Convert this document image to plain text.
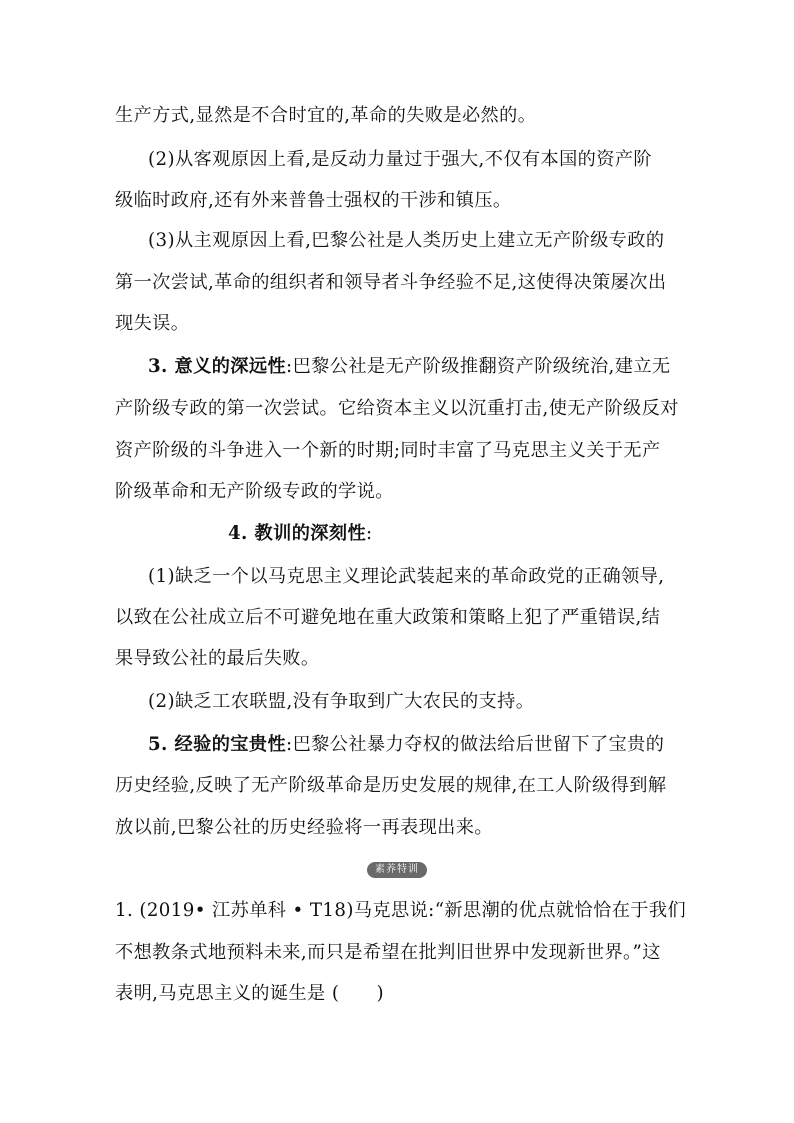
生产方式,显然是不合时宜的,革命的失败是必然的。
(2)从客观原因上看,是反动力量过于强大,不仅有本国的资产阶
级临时政府,还有外来普鲁士强权的干涉和镇压。
(3)从主观原因上看,巴黎公社是人类历史上建立无产阶级专政的
第一次尝试,革命的组织者和领导者斗争经验不足,这使得决策屡次出
现失误。
3. 意义的深远性:巴黎公社是无产阶级推翻资产阶级统治,建立无
产阶级专政的第一次尝试。它给资本主义以沉重打击,使无产阶级反对
资产阶级的斗争进入一个新的时期;同时丰富了马克思主义关于无产
阶级革命和无产阶级专政的学说。
4. 教训的深刻性:
(1)缺乏一个以马克思主义理论武装起来的革命政党的正确领导,
以致在公社成立后不可避免地在重大政策和策略上犯了严重错误,结
果导致公社的最后失败。
(2)缺乏工农联盟,没有争取到广大农民的支持。
5. 经验的宝贵性:巴黎公社暴力夺权的做法给后世留下了宝贵的
历史经验,反映了无产阶级革命是历史发展的规律,在工人阶级得到解
放以前,巴黎公社的历史经验将一再表现出来。
素养特训
1. (2019• 江苏单科 • T18)马克思说:“新思潮的优点就恰恰在于我们
不想教条式地预料未来,而只是希望在批判旧世界中发现新世界。”这
表明,马克思主义的诞生是 (　　)
